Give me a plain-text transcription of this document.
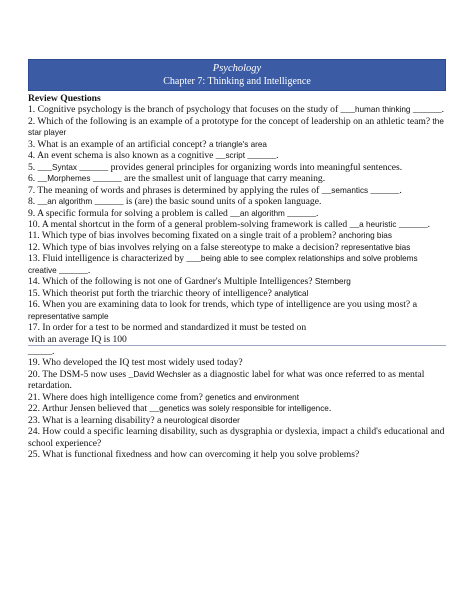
Psychology
Chapter 7: Thinking and Intelligence

Review Questions

1. Cognitive psychology is the branch of psychology that focuses on the study of ___human thinking ______.

2. Which of the following is an example of a prototype for the concept of leadership on an athletic team? the star player

3. What is an example of an artificial concept? a triangle's area

4. An event schema is also known as a cognitive __script ______.

5. ___Syntax ______ provides general principles for organizing words into meaningful sentences.

6. __Morphemes ______ are the smallest unit of language that carry meaning.

7. The meaning of words and phrases is determined by applying the rules of __semantics ______.

8. __an algorithm ______ is (are) the basic sound units of a spoken language.

9. A specific formula for solving a problem is called __an algorithm ______.

10. A mental shortcut in the form of a general problem-solving framework is called __a heuristic ______.

11. Which type of bias involves becoming fixated on a single trait of a problem? anchoring bias

12. Which type of bias involves relying on a false stereotype to make a decision? representative bias

13. Fluid intelligence is characterized by ___being able to see complex relationships and solve problems creative ______.

14. Which of the following is not one of Gardner's Multiple Intelligences? Sternberg

15. Which theorist put forth the triarchic theory of intelligence? analytical

16. When you are examining data to look for trends, which type of intelligence are you using most? a representative sample

17. In order for a test to be normed and standardized it must be tested on

with an average IQ is 100

_____.

19. Who developed the IQ test most widely used today?

20. The DSM-5 now uses _David Wechsler as a diagnostic label for what was once referred to as mental retardation.

21. Where does high intelligence come from? genetics and environment

22. Arthur Jensen believed that __genetics was solely responsible for intelligence.

23. What is a learning disability? a neurological disorder

24. How could a specific learning disability, such as dysgraphia or dyslexia, impact a child's educational and school experience?

25. What is functional fixedness and how can overcoming it help you solve problems?
